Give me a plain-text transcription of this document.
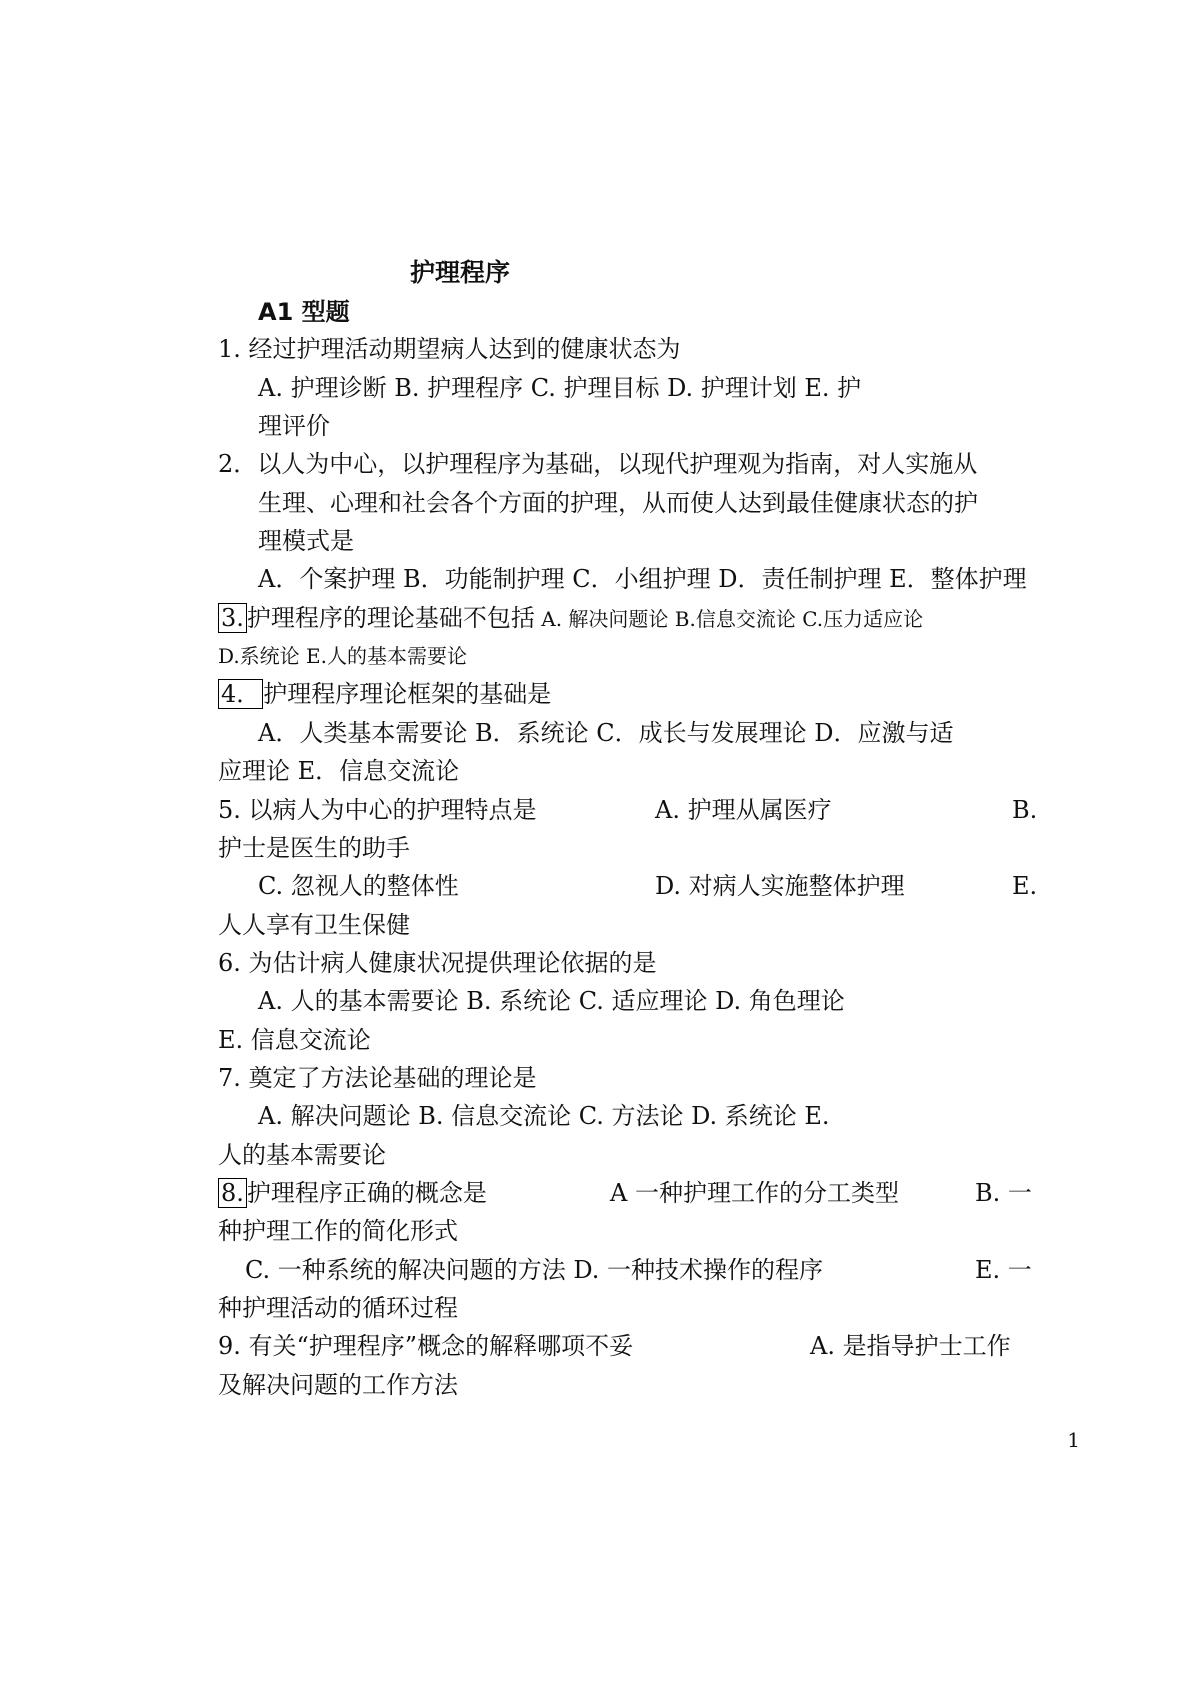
护理程序
A1 型题
1. 经过护理活动期望病人达到的健康状态为
A. 护理诊断 B. 护理程序 C. 护理目标 D. 护理计划 E. 护
理评价
2．以人为中心，以护理程序为基础，以现代护理观为指南，对人实施从
生理、心理和社会各个方面的护理，从而使人达到最佳健康状态的护
理模式是
A．个案护理 B．功能制护理 C．小组护理 D．责任制护理 E．整体护理
3. 护理程序的理论基础不包括 A. 解决问题论 B.信息交流论 C.压力适应论
D.系统论 E.人的基本需要论
4． 护理程序理论框架的基础是
A．人类基本需要论 B．系统论 C．成长与发展理论 D．应激与适
应理论 E．信息交流论
5. 以病人为中心的护理特点是	A. 护理从属医疗	B.
护士是医生的助手
C. 忽视人的整体性	D. 对病人实施整体护理	E.
人人享有卫生保健
6. 为估计病人健康状况提供理论依据的是
A. 人的基本需要论 B. 系统论 C. 适应理论 D. 角色理论
E. 信息交流论
7. 奠定了方法论基础的理论是
A. 解决问题论 B. 信息交流论 C. 方法论 D. 系统论 E.
人的基本需要论
8. 护理程序正确的概念是	A 一种护理工作的分工类型	B. 一
种护理工作的简化形式
C. 一种系统的解决问题的方法 D. 一种技术操作的程序	E. 一
种护理活动的循环过程
9. 有关“护理程序”概念的解释哪项不妥	A. 是指导护士工作
及解决问题的工作方法
1
